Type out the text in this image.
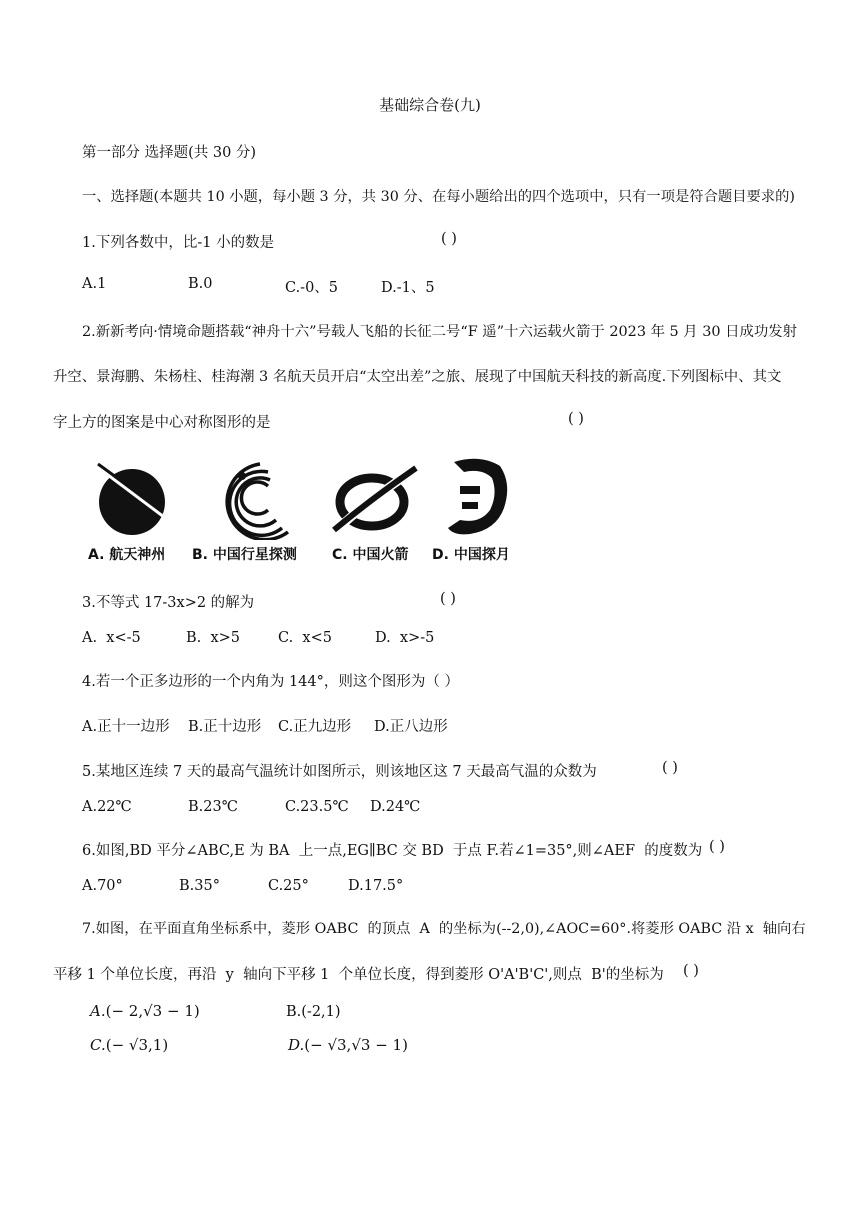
基础综合卷(九)
第一部分 选择题(共 30 分)
一、选择题(本题共 10 小题，每小题 3 分，共 30 分、在每小题给出的四个选项中，只有一项是符合题目要求的)
1.下列各数中，比-1 小的数是	( )
A.1	B.0	C.-0、5	D.-1、5
2.新新考向·情境命题搭载“神舟十六”号载人飞船的长征二号“F 遥”十六运载火箭于 2023 年 5 月 30 日成功发射
升空、景海鹏、朱杨柱、桂海潮 3 名航天员开启“太空出差”之旅、展现了中国航天科技的新高度.下列图标中、其文
字上方的图案是中心对称图形的是	( )
A. 航天神州 B. 中国行星探测	C. 中国火箭 D. 中国探月
3.不等式 17-3x>2 的解为	( )
A.  x<-5	B.  x>5	C.  x<5	D.  x>-5
4.若一个正多边形的一个内角为 144°，则这个图形为（ ）
A.正十一边形 B.正十边形 C.正九边形 D.正八边形
5.某地区连续 7 天的最高气温统计如图所示，则该地区这 7 天最高气温的众数为	( )
A.22℃	B.23℃	C.23.5℃ D.24℃
6.如图,BD 平分∠ABC,E 为 BA  上一点,EG∥BC 交 BD  于点 F.若∠1=35°,则∠AEF  的度数为 ( )
A.70°	B.35°	C.25°	D.17.5°
7.如图，在平面直角坐标系中，菱形 OABC  的顶点  A  的坐标为(--2,0),∠AOC=60°.将菱形 OABC 沿 x  轴向右
平移 1 个单位长度，再沿  y  轴向下平移 1  个单位长度，得到菱形 O'A'B'C',则点  B'的坐标为 ( )
A.(− 2,√3 − 1)	B.(-2,1)
C.(− √3,1)	D.(− √3,√3 − 1)
